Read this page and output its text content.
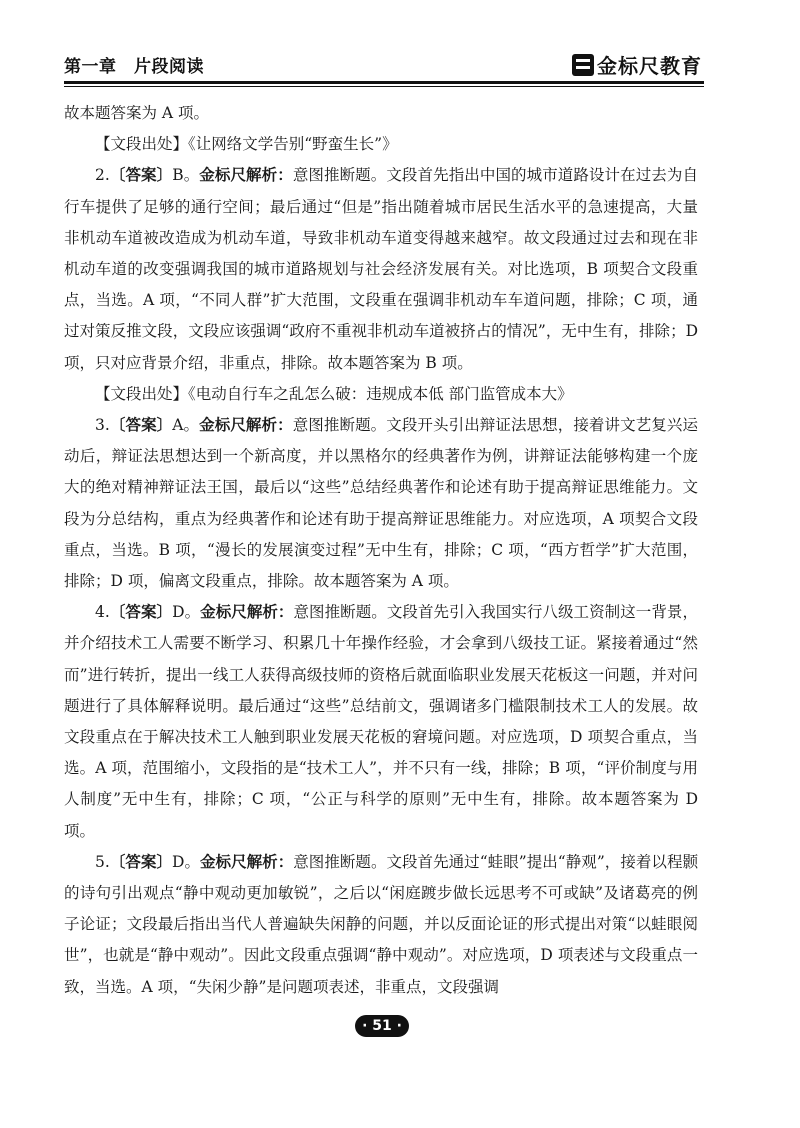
第一章　片段阅读	金标尺教育

故本题答案为 A 项。

【文段出处】《让网络文学告别“野蛮生长”》

2.〔答案〕B。金标尺解析：意图推断题。文段首先指出中国的城市道路设计在过去为自行车提供了足够的通行空间；最后通过“但是”指出随着城市居民生活水平的急速提高，大量非机动车道被改造成为机动车道，导致非机动车道变得越来越窄。故文段通过过去和现在非机动车道的改变强调我国的城市道路规划与社会经济发展有关。对比选项，B 项契合文段重点，当选。A 项，“不同人群”扩大范围，文段重在强调非机动车车道问题，排除；C 项，通过对策反推文段，文段应该强调“政府不重视非机动车道被挤占的情况”，无中生有，排除；D 项，只对应背景介绍，非重点，排除。故本题答案为 B 项。

【文段出处】《电动自行车之乱怎么破：违规成本低 部门监管成本大》

3.〔答案〕A。金标尺解析：意图推断题。文段开头引出辩证法思想，接着讲文艺复兴运动后，辩证法思想达到一个新高度，并以黑格尔的经典著作为例，讲辩证法能够构建一个庞大的绝对精神辩证法王国，最后以“这些”总结经典著作和论述有助于提高辩证思维能力。文段为分总结构，重点为经典著作和论述有助于提高辩证思维能力。对应选项，A 项契合文段重点，当选。B 项，“漫长的发展演变过程”无中生有，排除；C 项，“西方哲学”扩大范围，排除；D 项，偏离文段重点，排除。故本题答案为 A 项。

4.〔答案〕D。金标尺解析：意图推断题。文段首先引入我国实行八级工资制这一背景，并介绍技术工人需要不断学习、积累几十年操作经验，才会拿到八级技工证。紧接着通过“然而”进行转折，提出一线工人获得高级技师的资格后就面临职业发展天花板这一问题，并对问题进行了具体解释说明。最后通过“这些”总结前文，强调诸多门槛限制技术工人的发展。故文段重点在于解决技术工人触到职业发展天花板的窘境问题。对应选项，D 项契合重点，当选。A 项，范围缩小，文段指的是“技术工人”，并不只有一线，排除；B 项，“评价制度与用人制度”无中生有，排除；C 项，“公正与科学的原则”无中生有，排除。故本题答案为 D 项。

5.〔答案〕D。金标尺解析：意图推断题。文段首先通过“蛙眼”提出“静观”，接着以程颢的诗句引出观点“静中观动更加敏锐”，之后以“闲庭踱步做长远思考不可或缺”及诸葛亮的例子论证；文段最后指出当代人普遍缺失闲静的问题，并以反面论证的形式提出对策“以蛙眼阅世”，也就是“静中观动”。因此文段重点强调“静中观动”。对应选项，D 项表述与文段重点一致，当选。A 项，“失闲少静”是问题项表述，非重点，文段强调

· 51 ·
